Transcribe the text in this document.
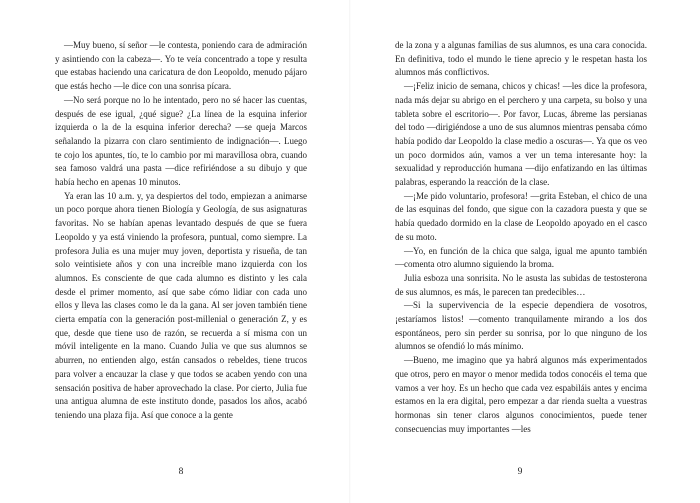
—Muy bueno, sí señor —le contesta, poniendo cara de admiración y asintiendo con la cabeza—. Yo te veía concentrado a tope y resulta que estabas haciendo una caricatura de don Leopoldo, menudo pájaro que estás hecho —le dice con una sonrisa pícara.

—No será porque no lo he intentado, pero no sé hacer las cuentas, después de ese igual, ¿qué sigue? ¿La línea de la esquina inferior izquierda o la de la esquina inferior derecha? —se queja Marcos señalando la pizarra con claro sentimiento de indignación—. Luego te cojo los apuntes, tío, te lo cambio por mi maravillosa obra, cuando sea famoso valdrá una pasta —dice refiriéndose a su dibujo y que había hecho en apenas 10 minutos.

Ya eran las 10 a.m. y, ya despiertos del todo, empiezan a animarse un poco porque ahora tienen Biología y Geología, de sus asignaturas favoritas. No se habían apenas levantado después de que se fuera Leopoldo y ya está viniendo la profesora, puntual, como siempre. La profesora Julia es una mujer muy joven, deportista y risueña, de tan solo veintisiete años y con una increíble mano izquierda con los alumnos. Es consciente de que cada alumno es distinto y les cala desde el primer momento, así que sabe cómo lidiar con cada uno ellos y lleva las clases como le da la gana. Al ser joven también tiene cierta empatía con la generación post-millenial o generación Z, y es que, desde que tiene uso de razón, se recuerda a sí misma con un móvil inteligente en la mano. Cuando Julia ve que sus alumnos se aburren, no entienden algo, están cansados o rebeldes, tiene trucos para volver a encauzar la clase y que todos se acaben yendo con una sensación positiva de haber aprovechado la clase. Por cierto, Julia fue una antigua alumna de este instituto donde, pasados los años, acabó teniendo una plaza fija. Así que conoce a la gente

8

de la zona y a algunas familias de sus alumnos, es una cara conocida. En definitiva, todo el mundo le tiene aprecio y le respetan hasta los alumnos más conflictivos.

—¡Feliz inicio de semana, chicos y chicas! —les dice la profesora, nada más dejar su abrigo en el perchero y una carpeta, su bolso y una tableta sobre el escritorio—. Por favor, Lucas, ábreme las persianas del todo —dirigiéndose a uno de sus alumnos mientras pensaba cómo había podido dar Leopoldo la clase medio a oscuras—. Ya que os veo un poco dormidos aún, vamos a ver un tema interesante hoy: la sexualidad y reproducción humana —dijo enfatizando en las últimas palabras, esperando la reacción de la clase.

—¡Me pido voluntario, profesora! —grita Esteban, el chico de una de las esquinas del fondo, que sigue con la cazadora puesta y que se había quedado dormido en la clase de Leopoldo apoyado en el casco de su moto.

—Yo, en función de la chica que salga, igual me apunto también —comenta otro alumno siguiendo la broma.

Julia esboza una sonrisita. No le asusta las subidas de testosterona de sus alumnos, es más, le parecen tan predecibles…

—Si la supervivencia de la especie dependiera de vosotros, ¡estaríamos listos! —comento tranquilamente mirando a los dos espontáneos, pero sin perder su sonrisa, por lo que ninguno de los alumnos se ofendió lo más mínimo.

—Bueno, me imagino que ya habrá algunos más experimentados que otros, pero en mayor o menor medida todos conocéis el tema que vamos a ver hoy. Es un hecho que cada vez espabiláis antes y encima estamos en la era digital, pero empezar a dar rienda suelta a vuestras hormonas sin tener claros algunos conocimientos, puede tener consecuencias muy importantes —les

9
